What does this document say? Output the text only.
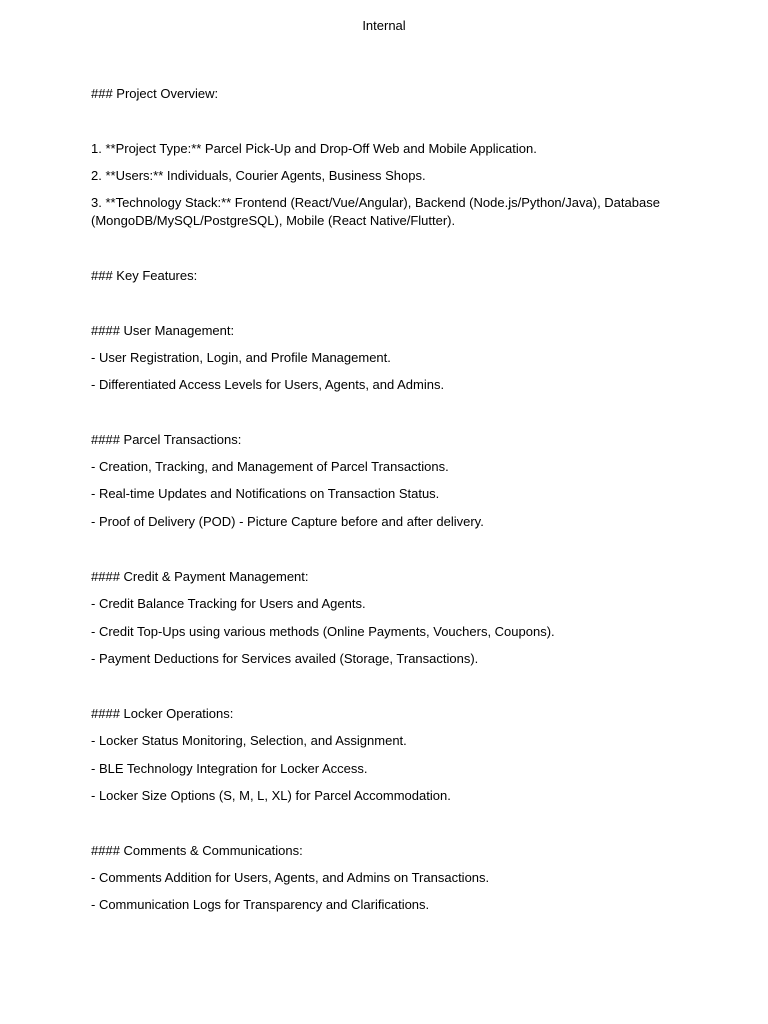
Internal
### Project Overview:
1. **Project Type:** Parcel Pick-Up and Drop-Off Web and Mobile Application.
2. **Users:** Individuals, Courier Agents, Business Shops.
3. **Technology Stack:** Frontend (React/Vue/Angular), Backend (Node.js/Python/Java), Database
(MongoDB/MySQL/PostgreSQL), Mobile (React Native/Flutter).
### Key Features:
#### User Management:
- User Registration, Login, and Profile Management.
- Differentiated Access Levels for Users, Agents, and Admins.
#### Parcel Transactions:
- Creation, Tracking, and Management of Parcel Transactions.
- Real-time Updates and Notifications on Transaction Status.
- Proof of Delivery (POD) - Picture Capture before and after delivery.
#### Credit & Payment Management:
- Credit Balance Tracking for Users and Agents.
- Credit Top-Ups using various methods (Online Payments, Vouchers, Coupons).
- Payment Deductions for Services availed (Storage, Transactions).
#### Locker Operations:
- Locker Status Monitoring, Selection, and Assignment.
- BLE Technology Integration for Locker Access.
- Locker Size Options (S, M, L, XL) for Parcel Accommodation.
#### Comments & Communications:
- Comments Addition for Users, Agents, and Admins on Transactions.
- Communication Logs for Transparency and Clarifications.
